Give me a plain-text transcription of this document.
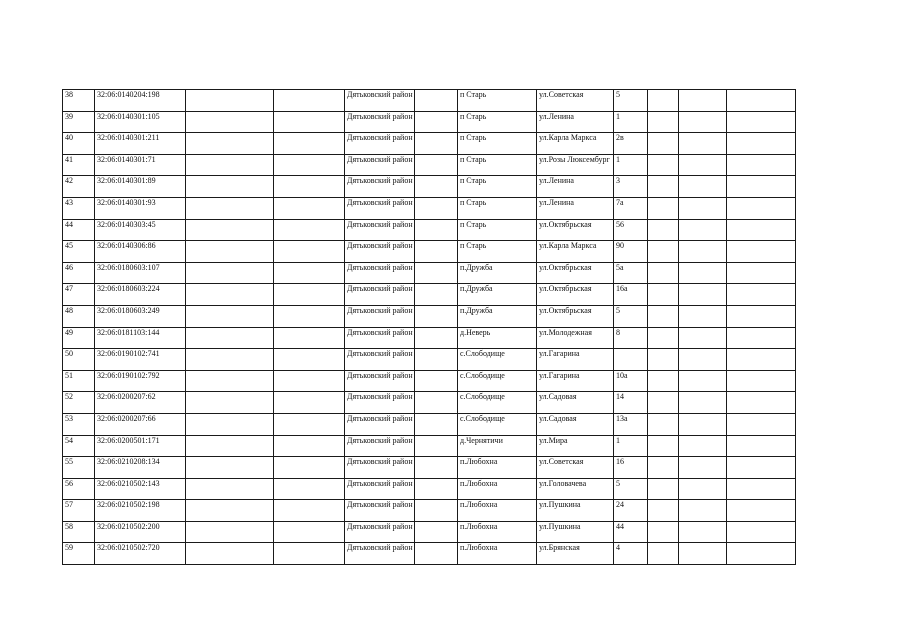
38	32:06:0140204:198			Дятьковский район		п Старь	ул.Советская	5			
39	32:06:0140301:105			Дятьковский район		п Старь	ул.Ленина	1			
40	32:06:0140301:211			Дятьковский район		п Старь	ул.Карла Маркса	2в			
41	32:06:0140301:71			Дятьковский район		п Старь	ул.Розы Люксембург	1			
42	32:06:0140301:89			Дятьковский район		п Старь	ул.Ленина	3			
43	32:06:0140301:93			Дятьковский район		п Старь	ул.Ленина	7а			
44	32:06:0140303:45			Дятьковский район		п Старь	ул.Октябрьская	56			
45	32:06:0140306:86			Дятьковский район		п Старь	ул.Карла Маркса	90			
46	32:06:0180603:107			Дятьковский район		п.Дружба	ул.Октябрьская	5а			
47	32:06:0180603:224			Дятьковский район		п.Дружба	ул.Октябрьская	16а			
48	32:06:0180603:249			Дятьковский район		п.Дружба	ул.Октябрьская	5			
49	32:06:0181103:144			Дятьковский район		д.Неверь	ул.Молодежная	8			
50	32:06:0190102:741			Дятьковский район		с.Слободище	ул.Гагарина				
51	32:06:0190102:792			Дятьковский район		с.Слободище	ул.Гагарина	10а			
52	32:06:0200207:62			Дятьковский район		с.Слободище	ул.Садовая	14			
53	32:06:0200207:66			Дятьковский район		с.Слободище	ул.Садовая	13а			
54	32:06:0200501:171			Дятьковский район		д.Чернятичи	ул.Мира	1			
55	32:06:0210208:134			Дятьковский район		п.Любохна	ул.Советская	16			
56	32:06:0210502:143			Дятьковский район		п.Любохна	ул.Головачева	5			
57	32:06:0210502:198			Дятьковский район		п.Любохна	ул.Пушкина	24			
58	32:06:0210502:200			Дятьковский район		п.Любохна	ул.Пушкина	44			
59	32:06:0210502:720			Дятьковский район		п.Любохна	ул.Брянская	4			
